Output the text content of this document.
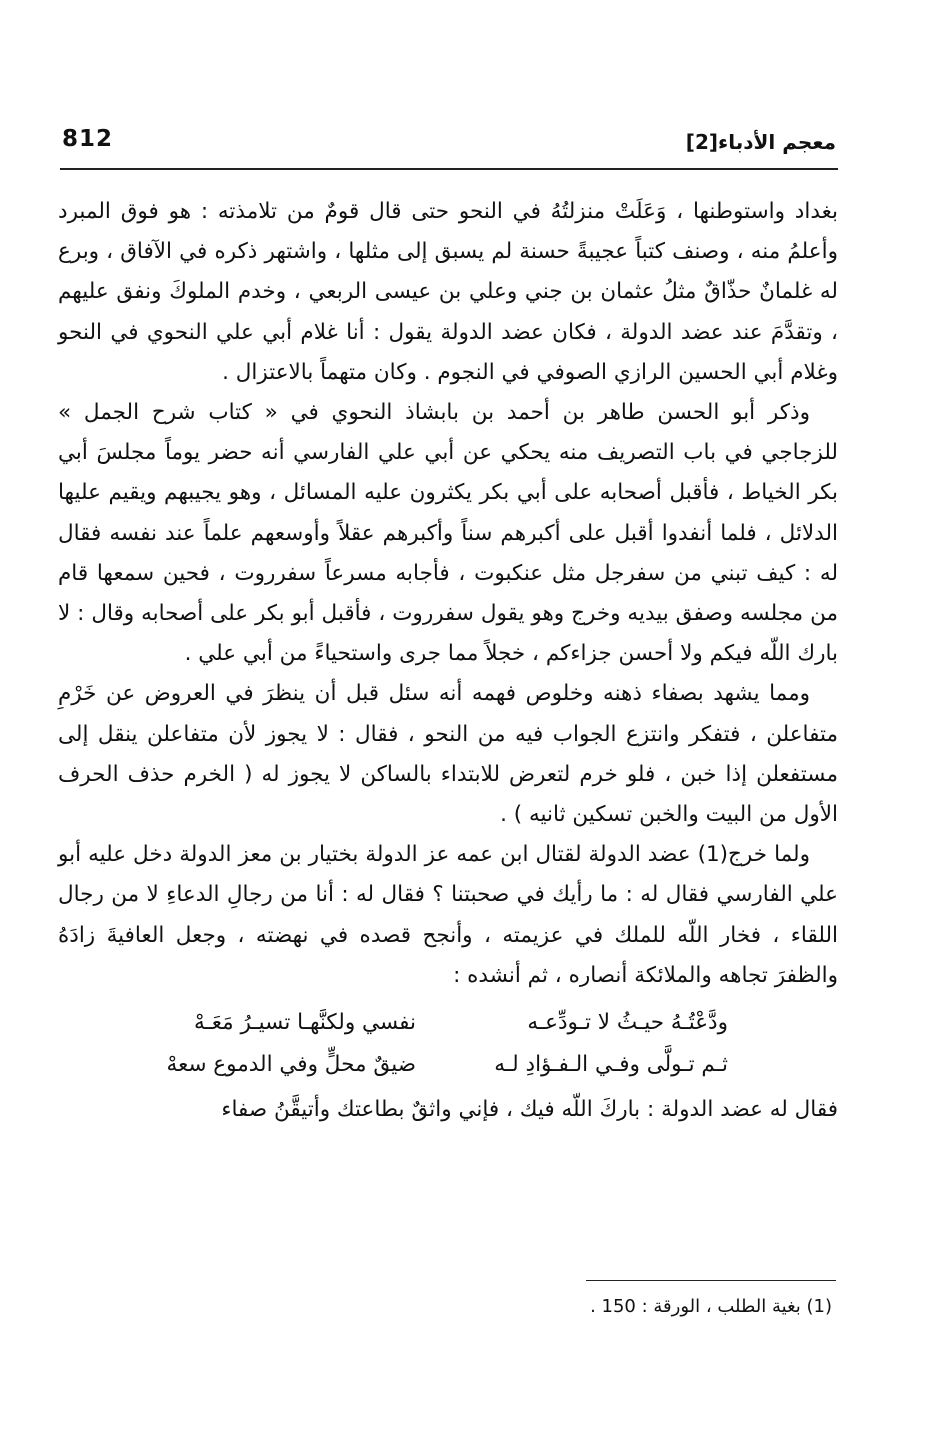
812	معجم الأدباء[2]

بغداد واستوطنها ، وَعَلَتْ منزلتُهُ في النحو حتى قال قومٌ من تلامذته : هو فوق المبرد وأعلمُ منه ، وصنف كتباً عجيبةً حسنة لم يسبق إلى مثلها ، واشتهر ذكره في الآفاق ، وبرع له غلمانٌ حذّاقٌ مثلُ عثمان بن جني وعلي بن عيسى الربعي ، وخدم الملوكَ ونفق عليهم ، وتقدَّمَ عند عضد الدولة ، فكان عضد الدولة يقول : أنا غلام أبي علي النحوي في النحو وغلام أبي الحسين الرازي الصوفي في النجوم . وكان متهماً بالاعتزال .

وذكر أبو الحسن طاهر بن أحمد بن بابشاذ النحوي في « كتاب شرح الجمل » للزجاجي في باب التصريف منه يحكي عن أبي علي الفارسي أنه حضر يوماً مجلسَ أبي بكر الخياط ، فأقبل أصحابه على أبي بكر يكثرون عليه المسائل ، وهو يجيبهم ويقيم عليها الدلائل ، فلما أنفدوا أقبل على أكبرهم سناً وأكبرهم عقلاً وأوسعهم علماً عند نفسه فقال له : كيف تبني من سفرجل مثل عنكبوت ، فأجابه مسرعاً سفرروت ، فحين سمعها قام من مجلسه وصفق بيديه وخرج وهو يقول سفرروت ، فأقبل أبو بكر على أصحابه وقال : لا بارك اللّه فيكم ولا أحسن جزاءكم ، خجلاً مما جرى واستحياءً من أبي علي .

ومما يشهد بصفاء ذهنه وخلوص فهمه أنه سئل قبل أن ينظرَ في العروض عن خَرْمِ متفاعلن ، فتفكر وانتزع الجواب فيه من النحو ، فقال : لا يجوز لأن متفاعلن ينقل إلى مستفعلن إذا خبن ، فلو خرم لتعرض للابتداء بالساكن لا يجوز له ( الخرم حذف الحرف الأول من البيت والخبن تسكين ثانيه ) .

ولما خرج(1) عضد الدولة لقتال ابن عمه عز الدولة بختيار بن معز الدولة دخل عليه أبو علي الفارسي فقال له : ما رأيك في صحبتنا ؟ فقال له : أنا من رجالِ الدعاءِ لا من رجال اللقاء ، فخار اللّه للملك في عزيمته ، وأنجح قصده في نهضته ، وجعل العافيةَ زادَهُ والظفرَ تجاهه والملائكة أنصاره ، ثم أنشده :

ودَّعْتُـهُ حيـثُ لا تـودِّعـه
نفسي ولكنَّهـا تسيـرُ مَعَـهْ
ثـم تـولَّى وفـي الـفـؤادِ لـه
ضيقٌ محلٍّ وفي الدموع سعهْ

فقال له عضد الدولة : باركَ اللّه فيك ، فإني واثقٌ بطاعتك وأتيقَّنُ صفاء

(1) بغية الطلب ، الورقة : 150 .
